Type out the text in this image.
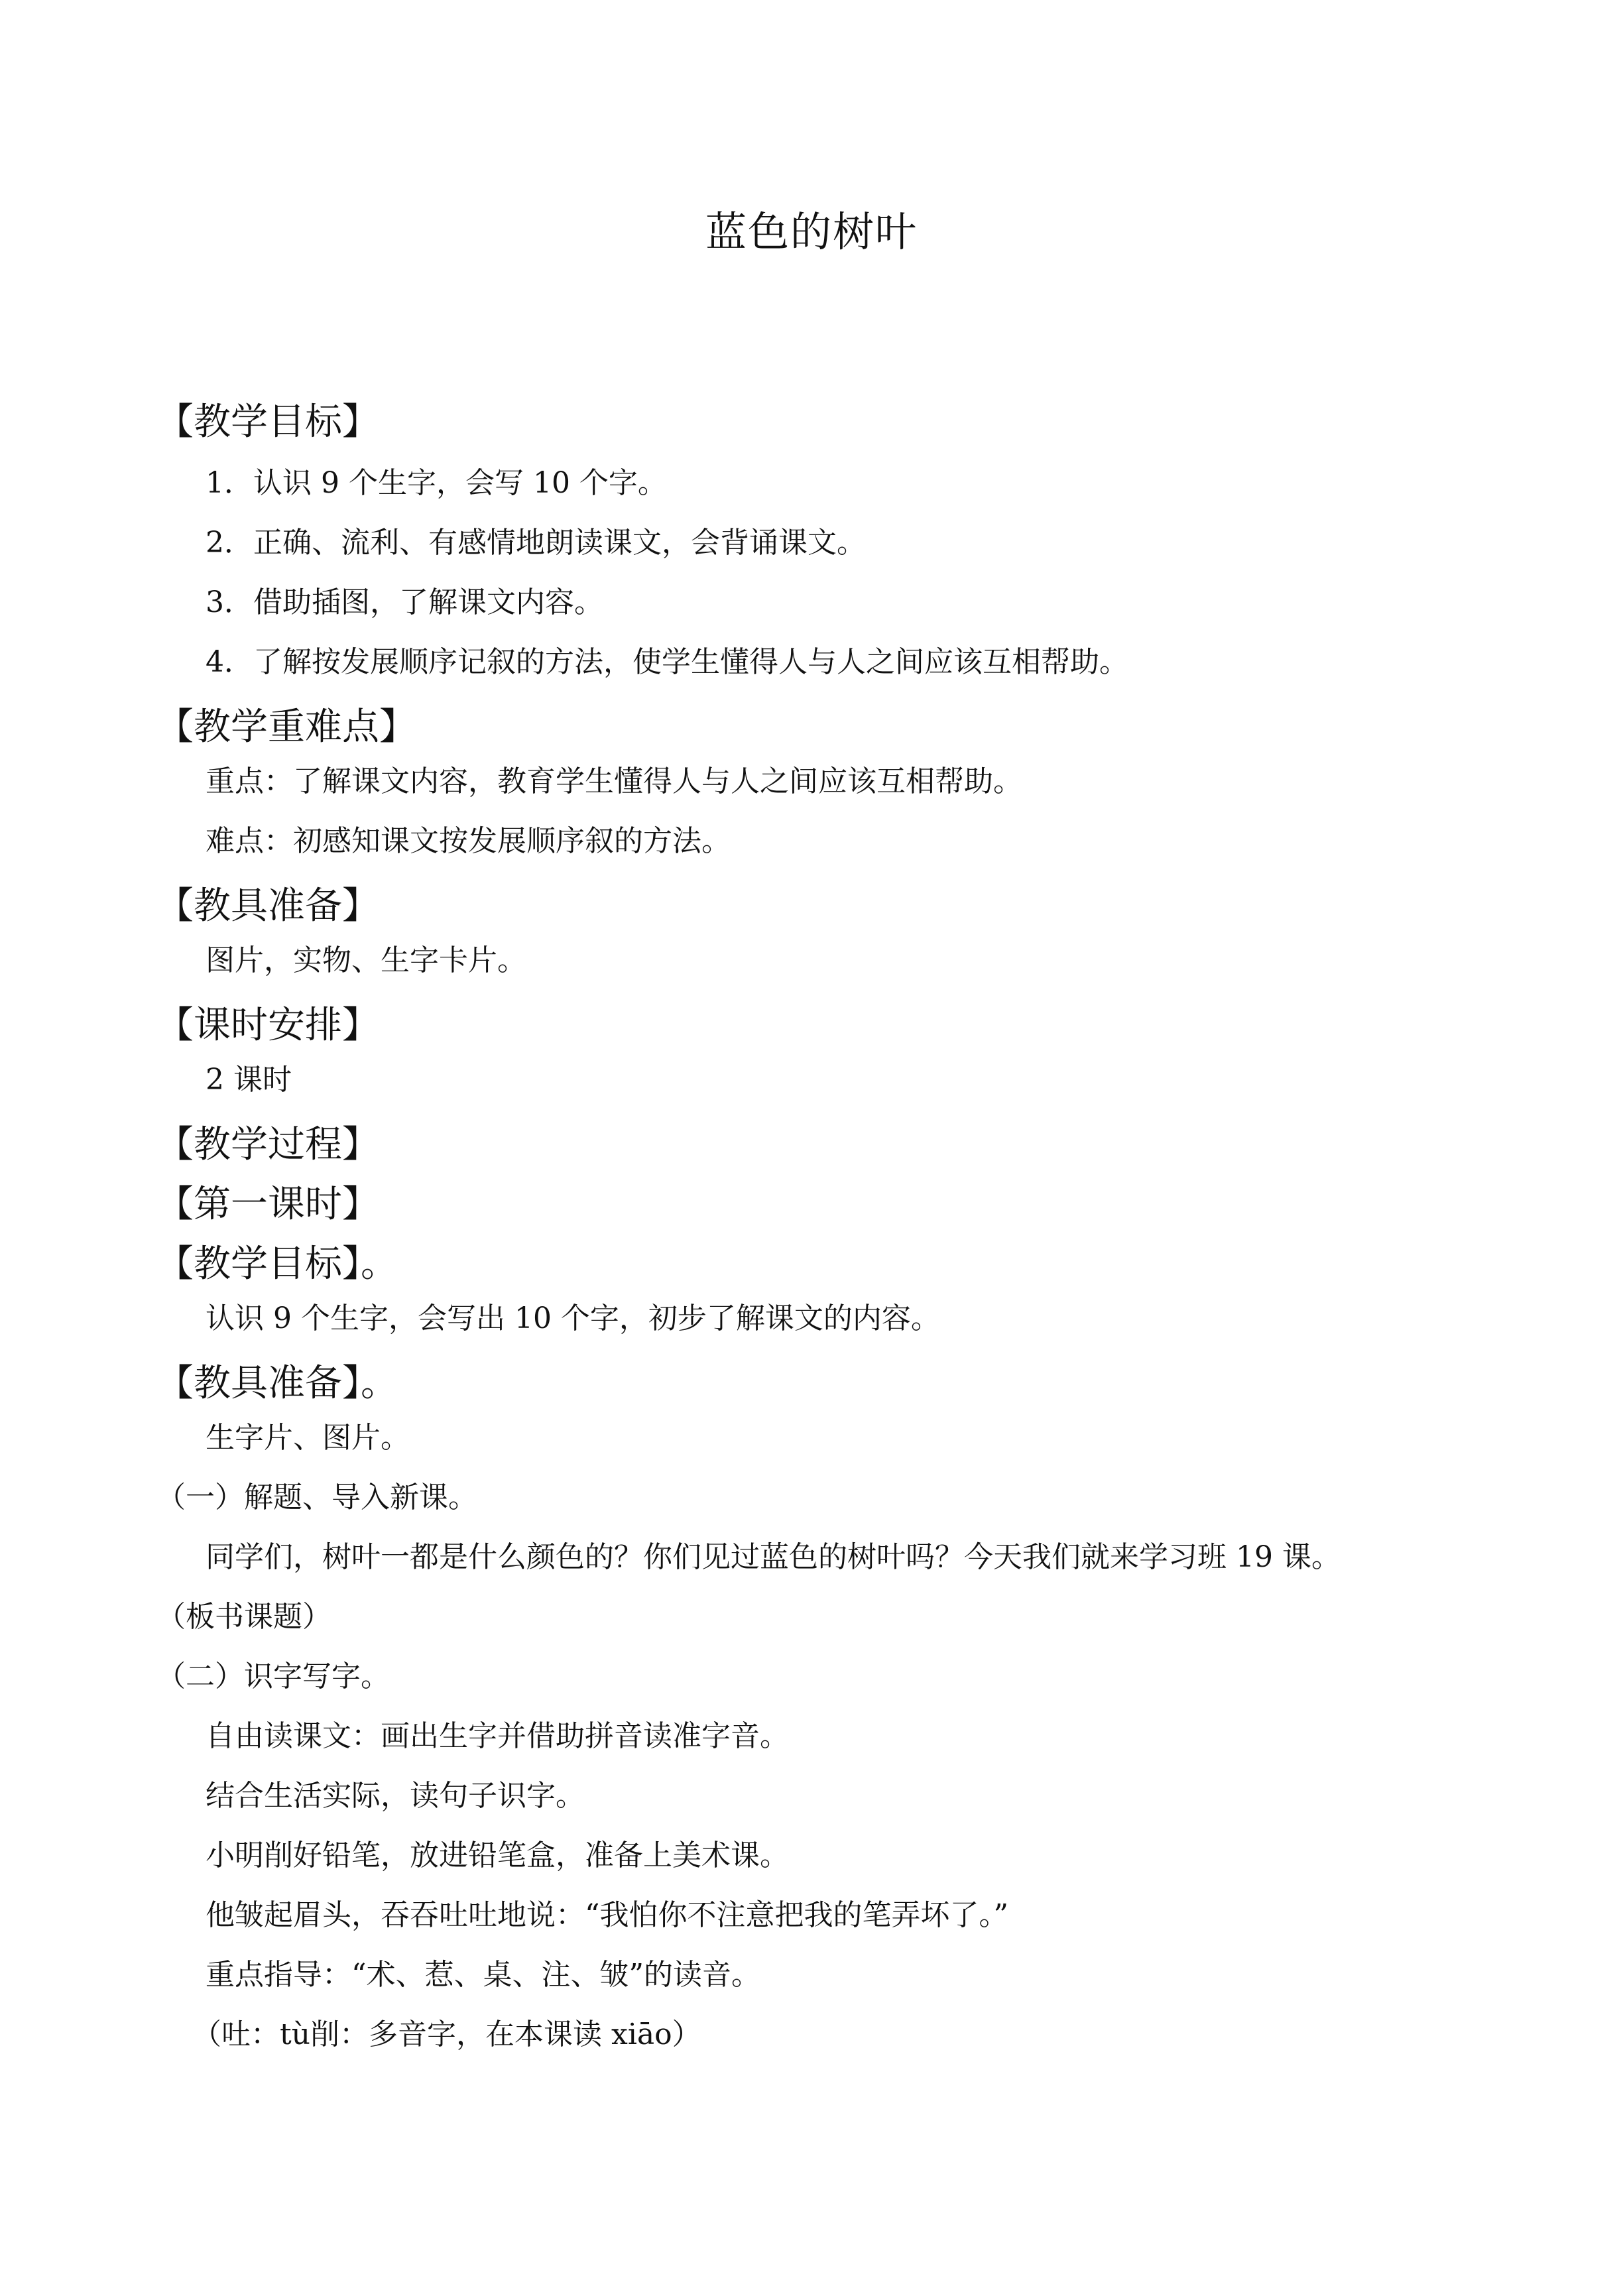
蓝色的树叶
【教学目标】
1．认识 9 个生字，会写 10 个字。
2．正确、流利、有感情地朗读课文，会背诵课文。
3．借助插图，了解课文内容。
4．了解按发展顺序记叙的方法，使学生懂得人与人之间应该互相帮助。
【教学重难点】
重点：了解课文内容，教育学生懂得人与人之间应该互相帮助。
难点：初感知课文按发展顺序叙的方法。
【教具准备】
图片，实物、生字卡片。
【课时安排】
2 课时
【教学过程】
【第一课时】
【教学目标】。
认识 9 个生字，会写出 10 个字，初步了解课文的内容。
【教具准备】。
生字片、图片。
（一）解题、导入新课。
同学们，树叶一都是什么颜色的？你们见过蓝色的树叶吗？今天我们就来学习班 19 课。
（板书课题）
（二）识字写字。
自由读课文：画出生字并借助拼音读准字音。
结合生活实际，读句子识字。
小明削好铅笔，放进铅笔盒，准备上美术课。
他皱起眉头，吞吞吐吐地说：“我怕你不注意把我的笔弄坏了。”
重点指导：“术、惹、桌、注、皱”的读音。
（吐：tù削：多音字，在本课读 xiāo）
